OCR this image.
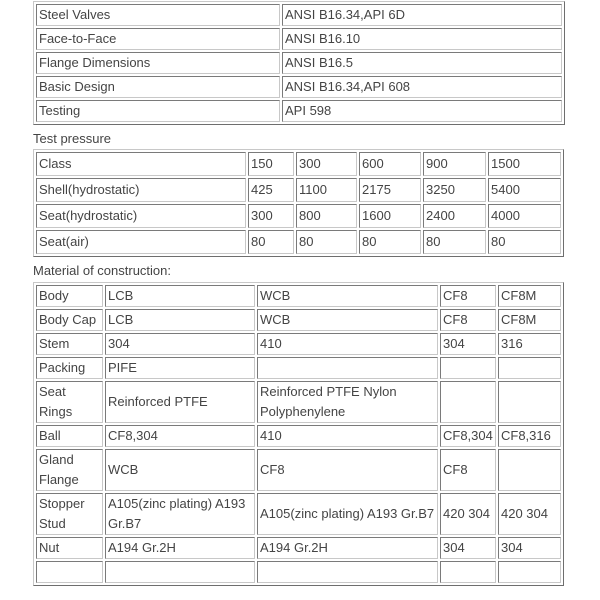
Steel Valves	ANSI B16.34,API 6D
Face-to-Face	ANSI B16.10
Flange Dimensions	ANSI B16.5
Basic Design	ANSI B16.34,API 608
Testing	API 598
Test pressure
Class	150	300	600	900	1500
Shell(hydrostatic)	425	1100	2175	3250	5400
Seat(hydrostatic)	300	800	1600	2400	4000
Seat(air)	80	80	80	80	80
Material of construction:
Body	LCB	WCB	CF8	CF8M
Body Cap	LCB	WCB	CF8	CF8M
Stem	304	410	304	316
Packing	PIFE			
Seat Rings	Reinforced PTFE	Reinforced PTFE Nylon Polyphenylene		
Ball	CF8,304	410	CF8,304	CF8,316
Gland Flange	WCB	CF8	CF8	
Stopper Stud	A105(zinc plating) A193 Gr.B7	A105(zinc plating) A193 Gr.B7	420 304	420 304
Nut	A194 Gr.2H	A194 Gr.2H	304	304
